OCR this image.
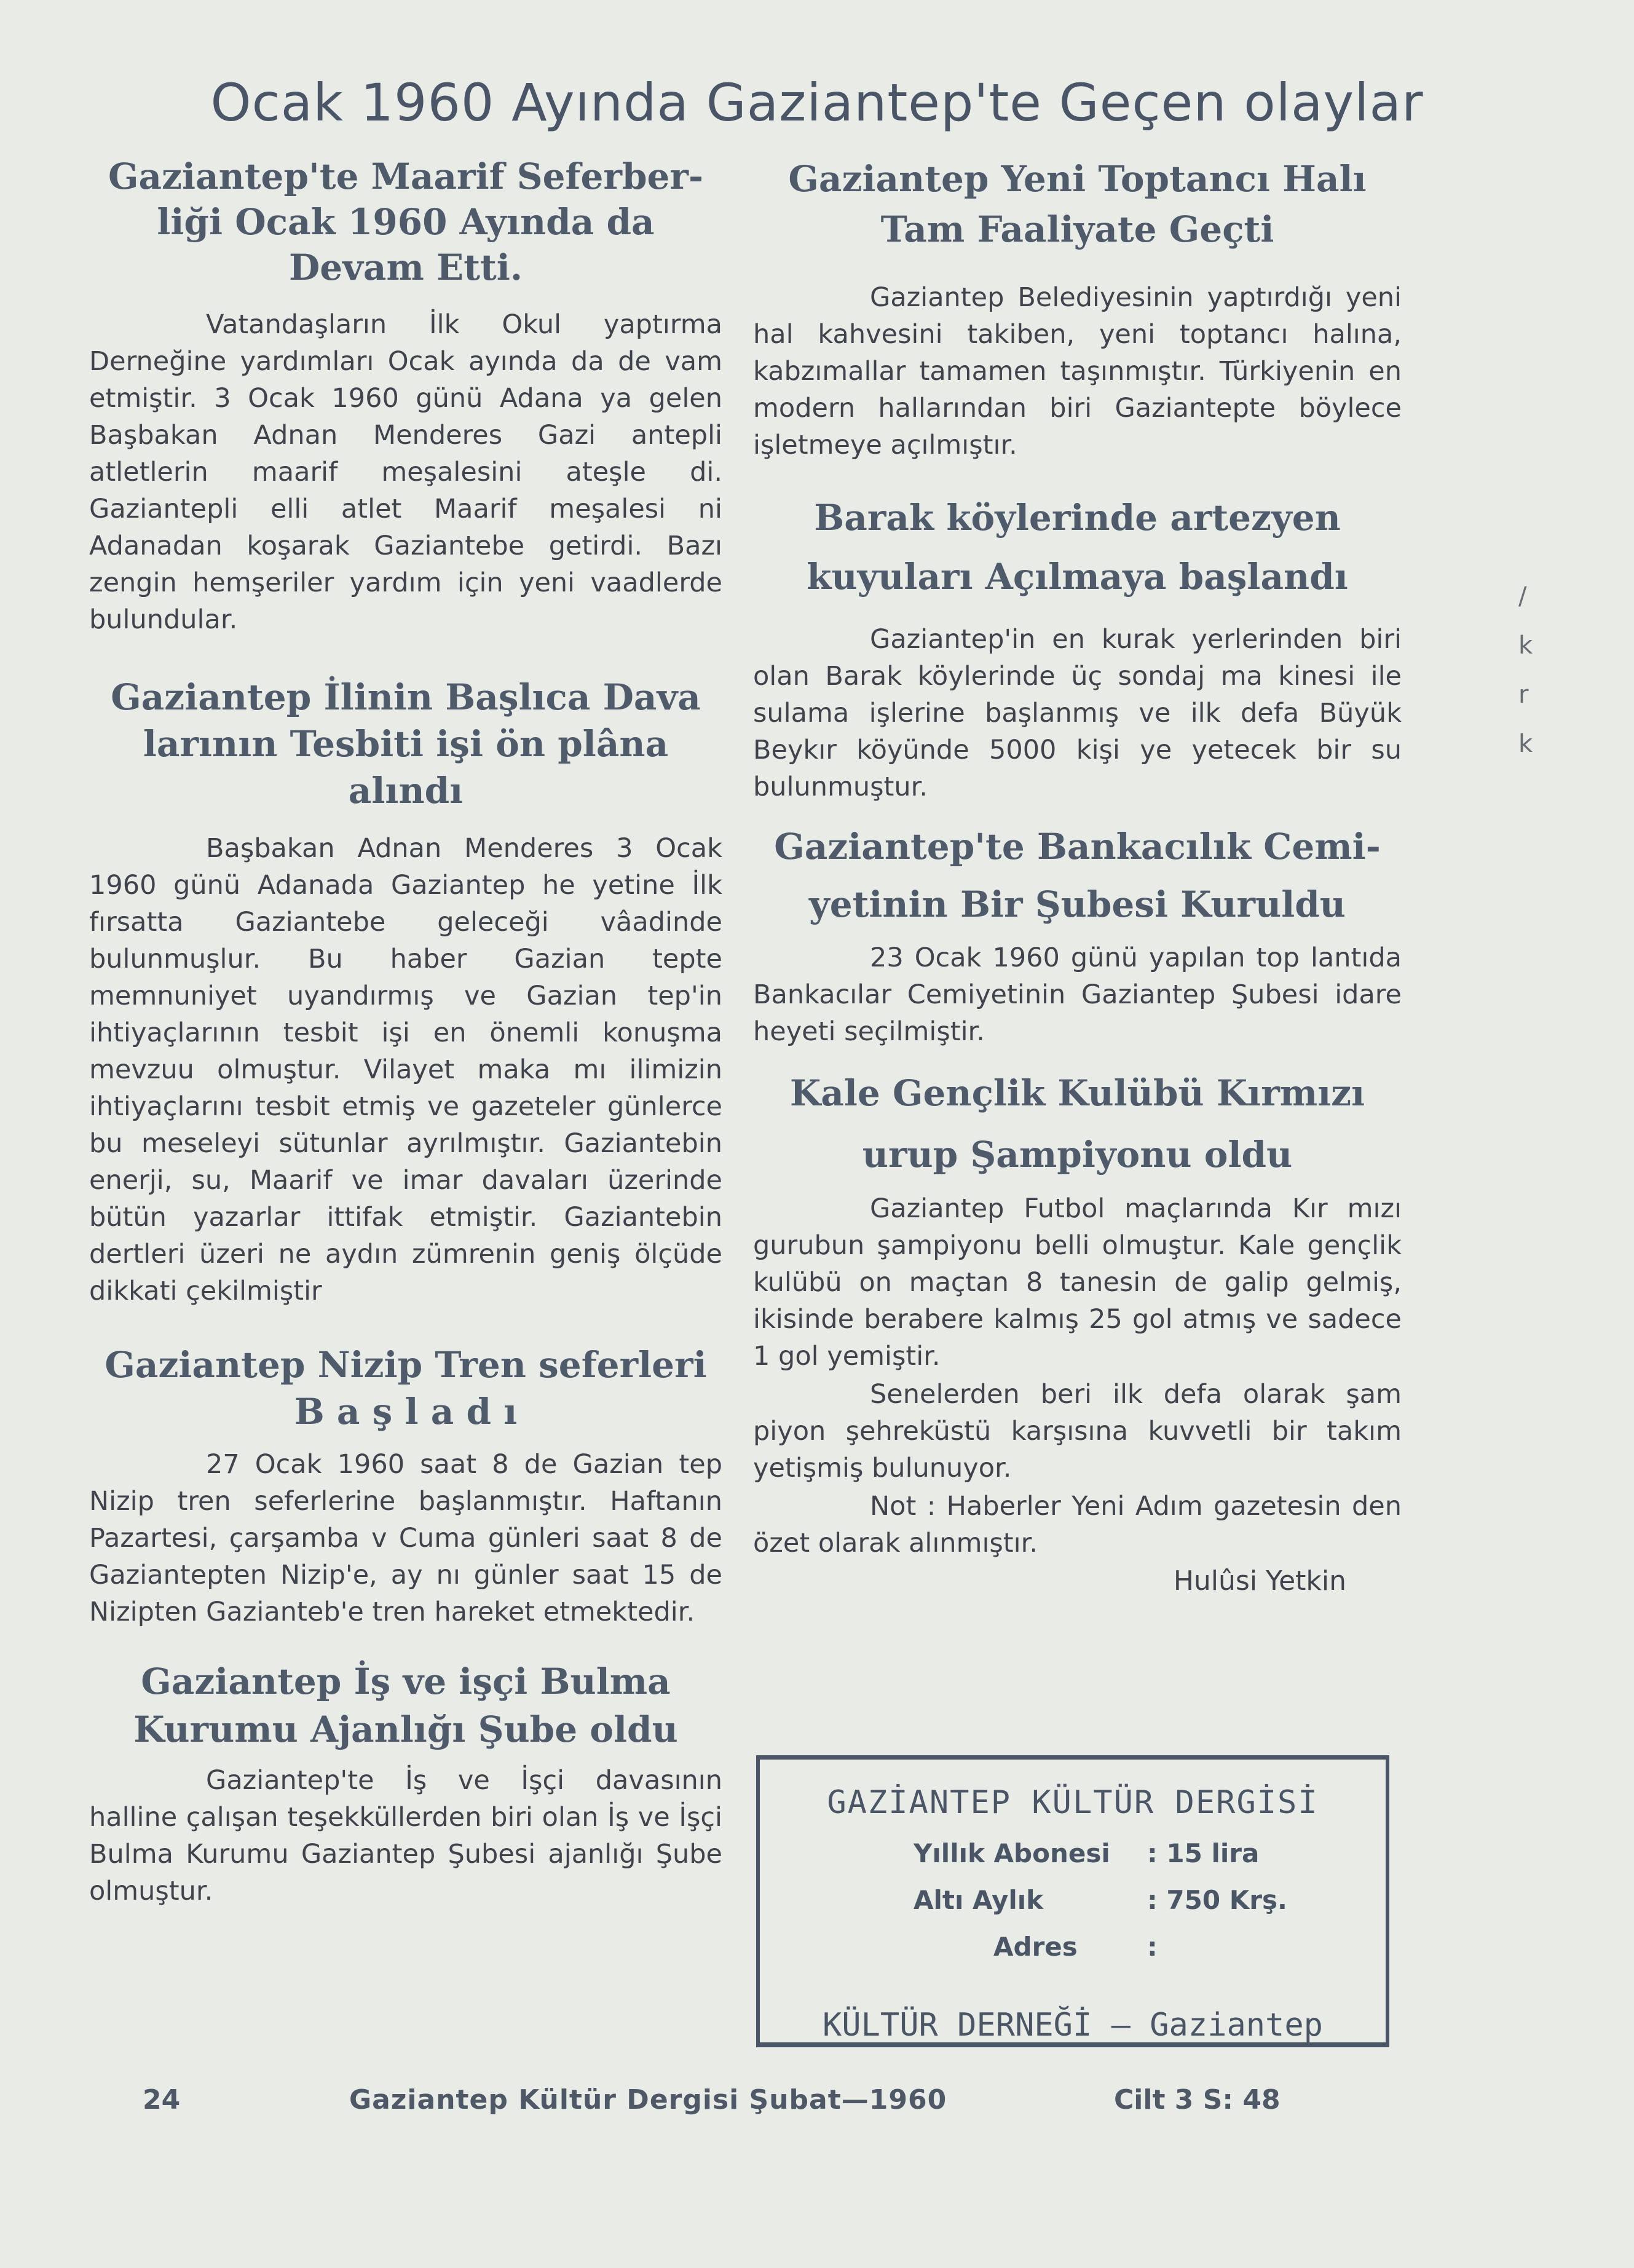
Ocak 1960 Ayında Gaziantep'te Geçen olaylar
Gaziantep'te Maarif Seferber-
liği Ocak 1960 Ayında da
Devam Etti.

Vatandaşların İlk Okul yaptırma Derneğine yardımları Ocak ayında da de vam etmiştir. 3 Ocak 1960 günü Adana ya gelen Başbakan Adnan Menderes Gazi antepli atletlerin maarif meşalesini ateşle di. Gaziantepli elli atlet Maarif meşalesi ni Adanadan koşarak Gaziantebe getirdi. Bazı zengin hemşeriler yardım için yeni vaadlerde bulundular.

Gaziantep İlinin Başlıca Dava
larının Tesbiti işi ön plâna
alındı

Başbakan Adnan Menderes 3 Ocak 1960 günü Adanada Gaziantep he yetine İlk fırsatta Gaziantebe geleceği vâadinde bulunmuşlur. Bu haber Gazian tepte memnuniyet uyandırmış ve Gazian tep'in ihtiyaçlarının tesbit işi en önemli konuşma mevzuu olmuştur. Vilayet maka mı ilimizin ihtiyaçlarını tesbit etmiş ve gazeteler günlerce bu meseleyi sütunlar ayrılmıştır. Gaziantebin enerji, su, Maarif ve imar davaları üzerinde bütün yazarlar ittifak etmiştir. Gaziantebin dertleri üzeri ne aydın zümrenin geniş ölçüde dikkati çekilmiştir

Gaziantep Nizip Tren seferleri
B a ş l a d ı

27 Ocak 1960 saat 8 de Gazian tep Nizip tren seferlerine başlanmıştır. Haftanın Pazartesi, çarşamba v Cuma günleri saat 8 de Gaziantepten Nizip'e, ay nı günler saat 15 de Nizipten Gazianteb'e tren hareket etmektedir.

Gaziantep İş ve işçi Bulma
Kurumu Ajanlığı Şube oldu

Gaziantep'te İş ve İşçi davasının halline çalışan teşekküllerden biri olan İş ve İşçi Bulma Kurumu Gaziantep Şubesi ajanlığı Şube olmuştur.

Gaziantep Yeni Toptancı Halı
Tam Faaliyate Geçti

Gaziantep Belediyesinin yaptırdığı yeni hal kahvesini takiben, yeni toptancı halına, kabzımallar tamamen taşınmıştır. Türkiyenin en modern hallarından biri Gaziantepte böylece işletmeye açılmıştır.

Barak köylerinde artezyen
kuyuları Açılmaya başlandı

Gaziantep'in en kurak yerlerinden biri olan Barak köylerinde üç sondaj ma kinesi ile sulama işlerine başlanmış ve ilk defa Büyük Beykır köyünde 5000 kişi ye yetecek bir su bulunmuştur.

Gaziantep'te Bankacılık Cemi-
yetinin Bir Şubesi Kuruldu

23 Ocak 1960 günü yapılan top lantıda Bankacılar Cemiyetinin Gaziantep Şubesi idare heyeti seçilmiştir.

Kale Gençlik Kulübü Kırmızı
urup Şampiyonu oldu

Gaziantep Futbol maçlarında Kır mızı gurubun şampiyonu belli olmuştur. Kale gençlik kulübü on maçtan 8 tanesin de galip gelmiş, ikisinde berabere kalmış 25 gol atmış ve sadece 1 gol yemiştir.

Senelerden beri ilk defa olarak şam piyon şehreküstü karşısına kuvvetli bir takım yetişmiş bulunuyor.

Not : Haberler Yeni Adım gazetesin den özet olarak alınmıştır.

Hulûsi Yetkin

GAZİANTEP KÜLTÜR DERGİSİ

Yıllık Abonesi : 15 lira
Altı Aylık	: 750 Krş.
Adres	:

KÜLTÜR DERNEĞİ — Gaziantep

/
k
r
k
24	Gaziantep Kültür Dergisi Şubat—1960	Cilt 3 S: 48
